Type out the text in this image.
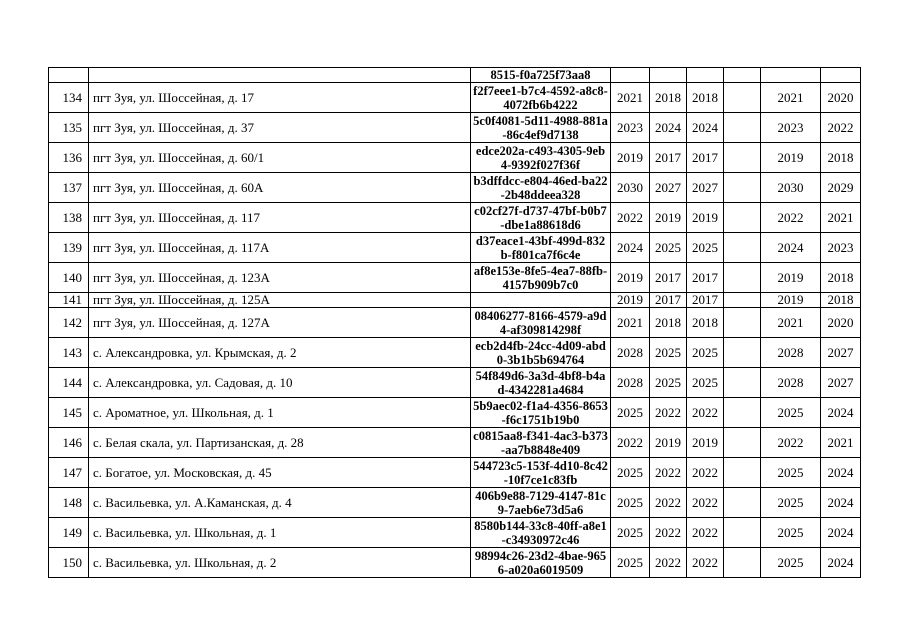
		8515-f0a725f73aa8						
134	пгт Зуя, ул. Шоссейная, д. 17	f2f7eee1-b7c4-4592-a8c8-4072fb6b4222	2021	2018	2018		2021	2020
135	пгт Зуя, ул. Шоссейная, д. 37	5c0f4081-5d11-4988-881a-86c4ef9d7138	2023	2024	2024		2023	2022
136	пгт Зуя, ул. Шоссейная, д. 60/1	edce202a-c493-4305-9eb4-9392f027f36f	2019	2017	2017		2019	2018
137	пгт Зуя, ул. Шоссейная, д. 60А	b3dffdcc-e804-46ed-ba22-2b48ddeea328	2030	2027	2027		2030	2029
138	пгт Зуя, ул. Шоссейная, д. 117	c02cf27f-d737-47bf-b0b7-dbe1a88618d6	2022	2019	2019		2022	2021
139	пгт Зуя, ул. Шоссейная, д. 117А	d37eace1-43bf-499d-832b-f801ca7f6c4e	2024	2025	2025		2024	2023
140	пгт Зуя, ул. Шоссейная, д. 123А	af8e153e-8fe5-4ea7-88fb-4157b909b7c0	2019	2017	2017		2019	2018
141	пгт Зуя, ул. Шоссейная, д. 125А		2019	2017	2017		2019	2018
142	пгт Зуя, ул. Шоссейная, д. 127А	08406277-8166-4579-a9d4-af309814298f	2021	2018	2018		2021	2020
143	с. Александровка, ул. Крымская, д. 2	ecb2d4fb-24cc-4d09-abd0-3b1b5b694764	2028	2025	2025		2028	2027
144	с. Александровка, ул. Садовая, д. 10	54f849d6-3a3d-4bf8-b4ad-4342281a4684	2028	2025	2025		2028	2027
145	с. Ароматное, ул. Школьная, д. 1	5b9aec02-f1a4-4356-8653-f6c1751b19b0	2025	2022	2022		2025	2024
146	с. Белая скала, ул. Партизанская, д. 28	c0815aa8-f341-4ac3-b373-aa7b8848e409	2022	2019	2019		2022	2021
147	с. Богатое, ул. Московская, д. 45	544723c5-153f-4d10-8c42-10f7ce1c83fb	2025	2022	2022		2025	2024
148	с. Васильевка, ул. А.Каманская, д. 4	406b9e88-7129-4147-81c9-7aeb6e73d5a6	2025	2022	2022		2025	2024
149	с. Васильевка, ул. Школьная, д. 1	8580b144-33c8-40ff-a8e1-c34930972c46	2025	2022	2022		2025	2024
150	с. Васильевка, ул. Школьная, д. 2	98994c26-23d2-4bae-9656-a020a6019509	2025	2022	2022		2025	2024
